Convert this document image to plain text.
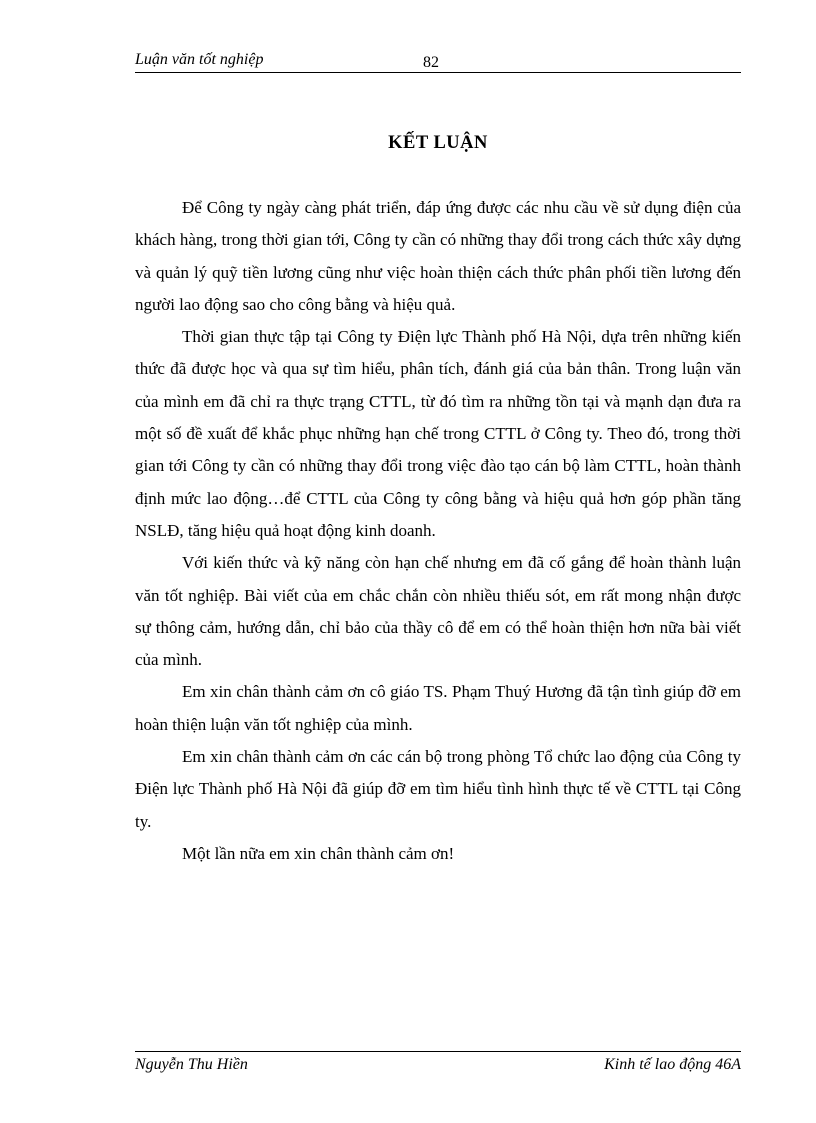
Luận văn tốt nghiệp	82
KẾT LUẬN

Để Công ty ngày càng phát triển, đáp ứng được các nhu cầu về sử dụng điện của khách hàng, trong thời gian tới, Công ty cần có những thay đổi trong cách thức xây dựng và quản lý quỹ tiền lương cũng như việc hoàn thiện cách thức phân phối tiền lương đến người lao động sao cho công bằng và hiệu quả.

Thời gian thực tập tại Công ty Điện lực Thành phố Hà Nội, dựa trên những kiến thức đã được học và qua sự tìm hiểu, phân tích, đánh giá của bản thân. Trong luận văn của mình em đã chỉ ra thực trạng CTTL, từ đó tìm ra những tồn tại và mạnh dạn đưa ra một số đề xuất để khắc phục những hạn chế trong CTTL ở Công ty. Theo đó, trong thời gian tới Công ty cần có những thay đổi trong việc đào tạo cán bộ làm CTTL, hoàn thành định mức lao động…để CTTL của Công ty công bằng và hiệu quả hơn góp phần tăng NSLĐ, tăng hiệu quả hoạt động kinh doanh.

Với kiến thức và kỹ năng còn hạn chế nhưng em đã cố gắng để hoàn thành luận văn tốt nghiệp. Bài viết của em chắc chắn còn nhiều thiếu sót, em rất mong nhận được sự thông cảm, hướng dẫn, chỉ bảo của thầy cô để em có thể hoàn thiện hơn nữa bài viết của mình.

Em xin chân thành cảm ơn cô giáo TS. Phạm Thuý Hương đã tận tình giúp đỡ em hoàn thiện luận văn tốt nghiệp của mình.

Em xin chân thành cảm ơn các cán bộ trong phòng Tổ chức lao động của Công ty Điện lực Thành phố Hà Nội đã giúp đỡ em tìm hiểu tình hình thực tế về CTTL tại Công ty.

Một lần nữa em xin chân thành cảm ơn!

Nguyễn Thu Hiền	Kinh tế lao động 46A
